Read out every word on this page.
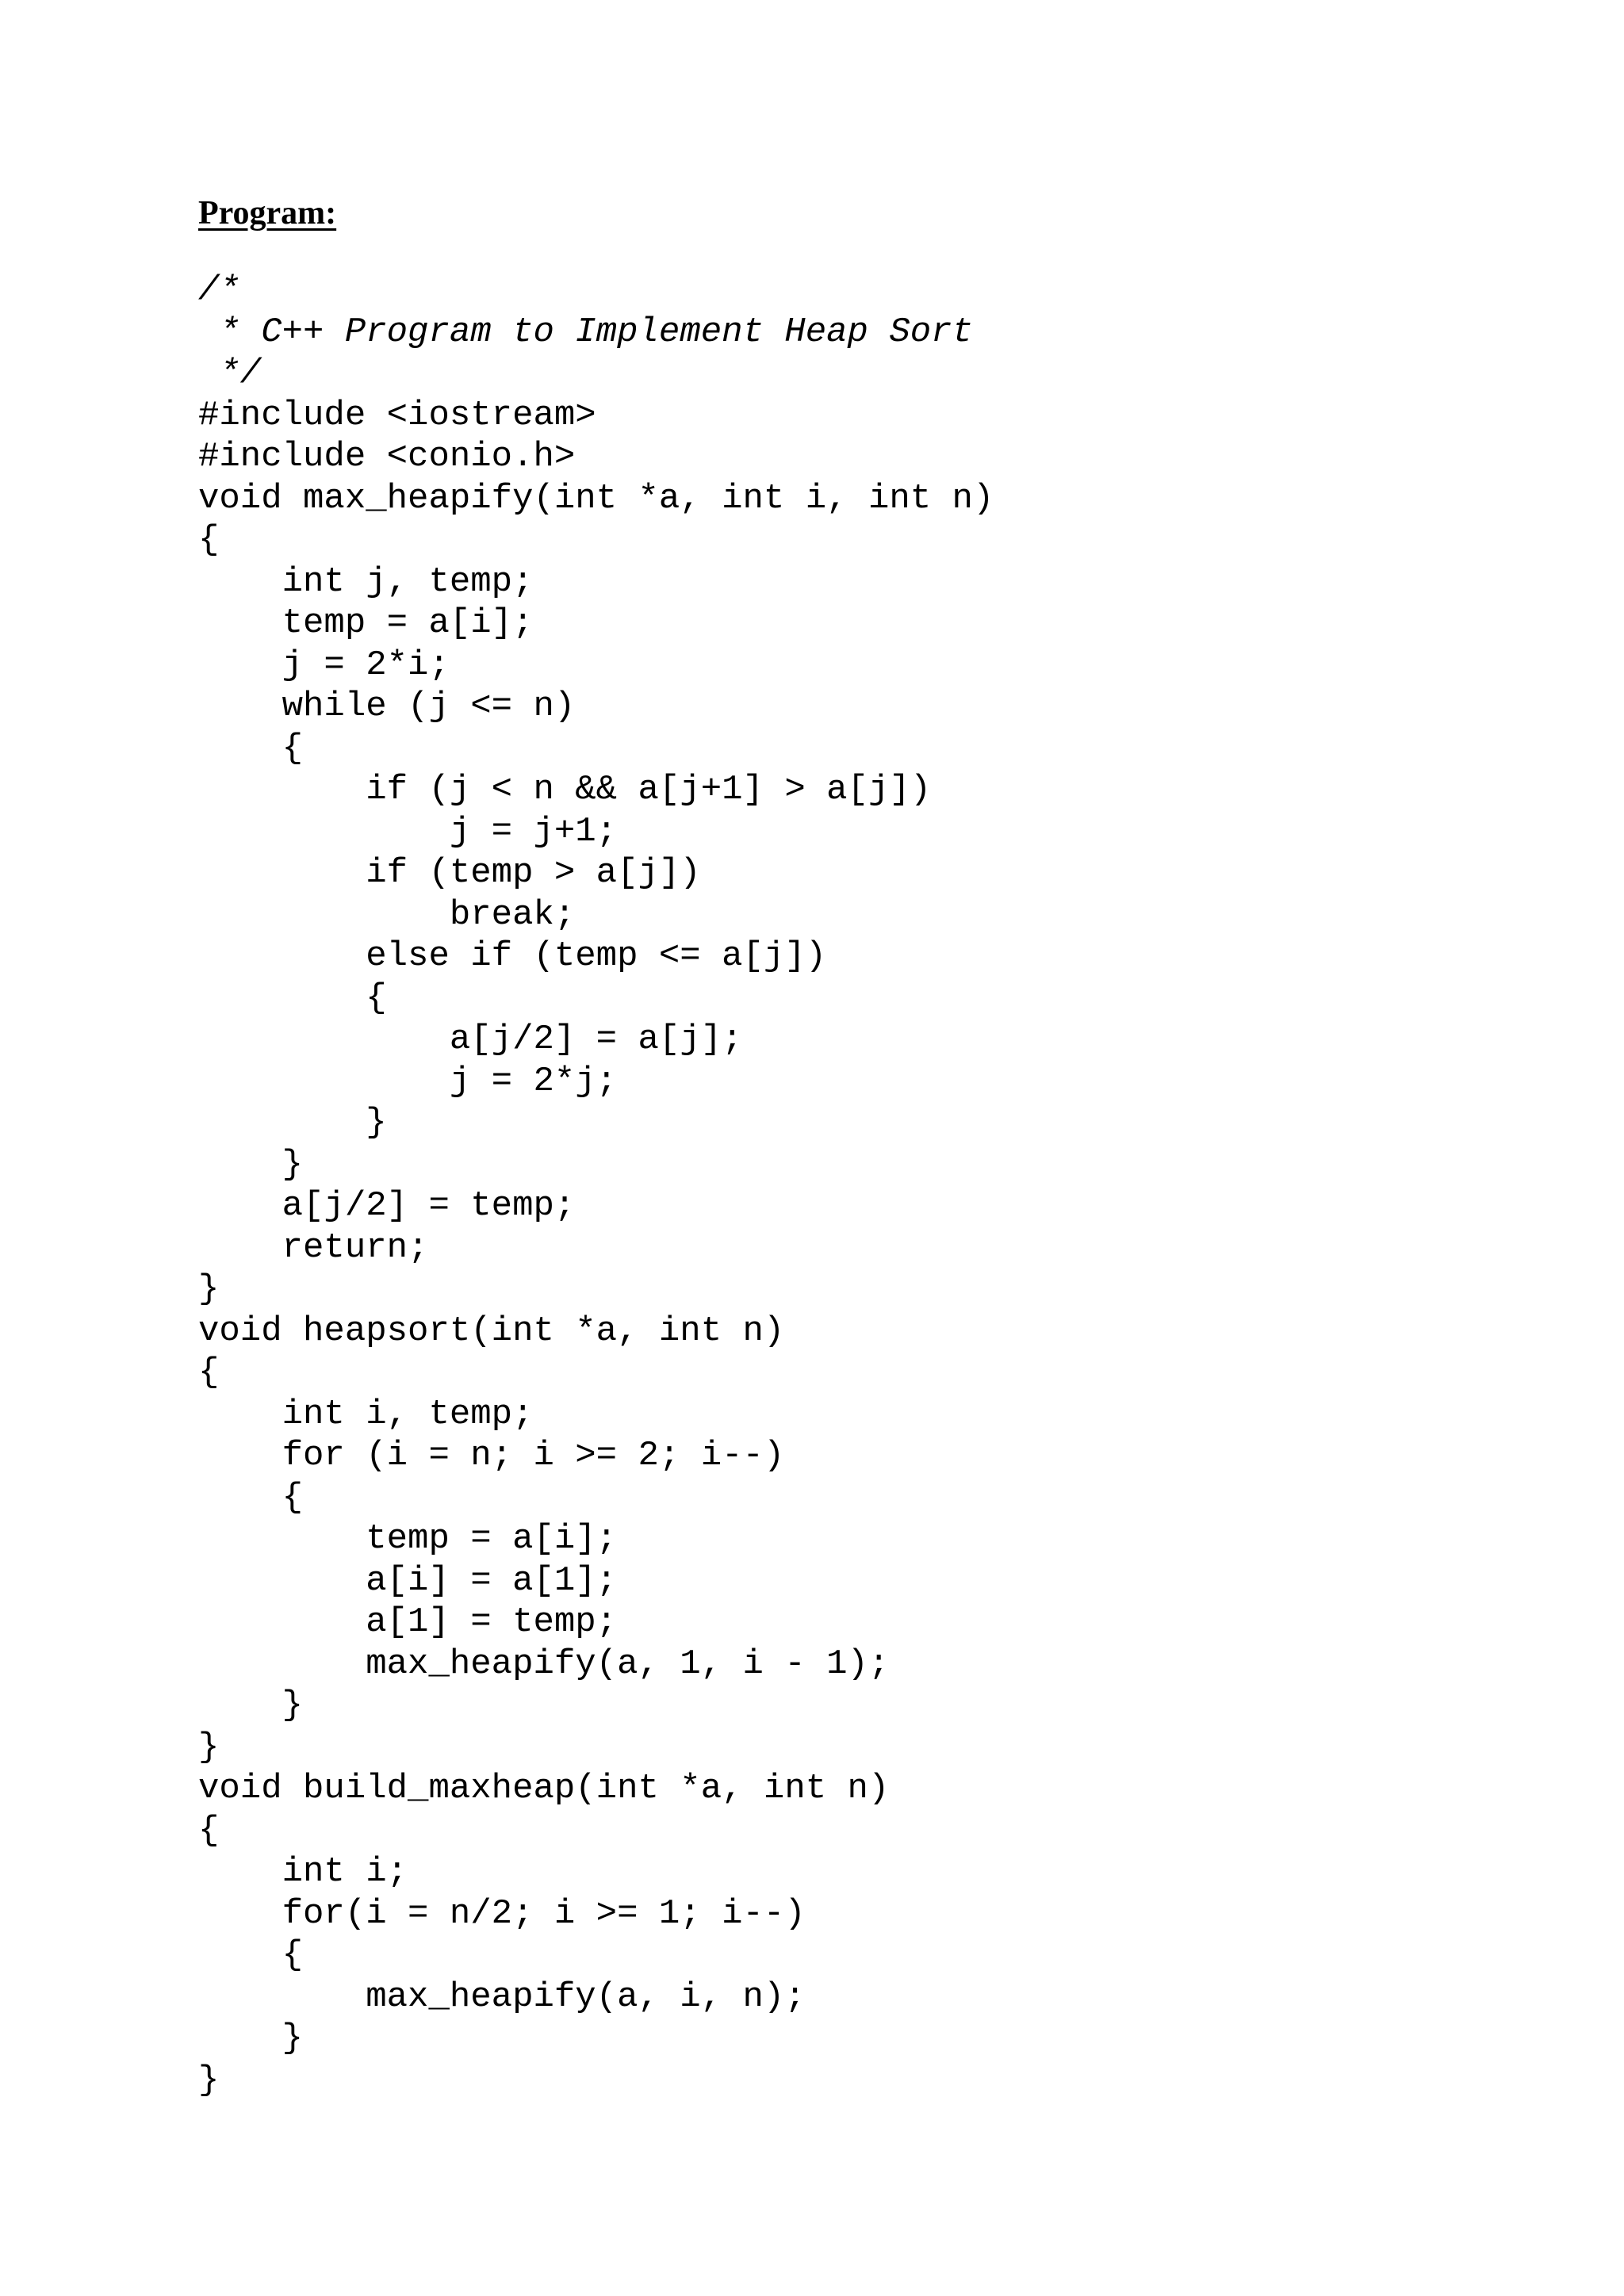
Program:
/*
* C++ Program to Implement Heap Sort
*/
#include <iostream>
#include <conio.h>
void max_heapify(int *a, int i, int n)
{
int j, temp;
temp = a[i];
j = 2*i;
while (j <= n)
{
if (j < n && a[j+1] > a[j])
j = j+1;
if (temp > a[j])
break;
else if (temp <= a[j])
{
a[j/2] = a[j];
j = 2*j;
}
}
a[j/2] = temp;
return;
}
void heapsort(int *a, int n)
{
int i, temp;
for (i = n; i >= 2; i--)
{
temp = a[i];
a[i] = a[1];
a[1] = temp;
max_heapify(a, 1, i - 1);
}
}
void build_maxheap(int *a, int n)
{
int i;
for(i = n/2; i >= 1; i--)
{
max_heapify(a, i, n);
}
}
